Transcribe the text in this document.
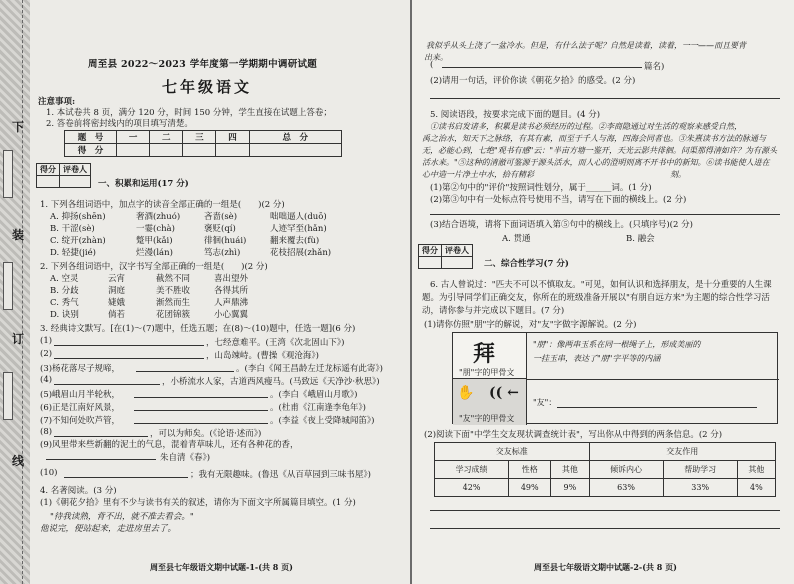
下
装
订
线
周至县 2022～2023 学年度第一学期期中调研试题
七年级语文
注意事项:
1. 本试卷共 8 页，满分 120 分，时间 150 分钟，学生直接在试题上答卷；
2. 答卷前将密封线内的项目填写清楚。
题　号	一	二	三	四	总　分
得　分					
得分	评卷人

一、积累和运用(17 分)
1. 下列各组词语中，加点字的读音全部正确的一组是(　　)(2 分)
A. 抑扬(shēn)	奢酒(zhuó)	吝啬(sè)	咄咄逼人(duō)
B. 干涩(sè)	一霎(chà)	褒贬(qí)	人迹罕至(hǎn)
C. 绽开(zhàn)	蹩甲(kǎi)	徘徊(huái)	翻来覆去(fù)
D. 轻捷(jié)	烂漫(lán)	笃志(zhì)	花枝招展(zhǎn)
2. 下列各组词语中，汉字书写全部正确的一组是(　　)(2 分)
A. 空灵	云宵	截然不同	喜出望外
B. 分歧	洞庭	美不胜收	各得其所
C. 秀气	婕娥	渐然而生	人声鼎沸
D. 诀别	倘若	花团锦簇	小心翼翼
3. 经典诗文默写。[在(1)～(7)题中，任选五题；在(8)～(10)题中，任选一题](6 分)
(1)	，七经意难平。(王湾《次北固山下》)
(2)	，山岛竦峙。(曹操《观沧海》)
(3)杨花落尽子规啼，	。(李白《闻王昌龄左迁龙标遥有此寄》)
(4)	，小桥流水人家，古道西风瘦马。(马致远《天净沙·秋思》)
(5)峨眉山月半轮秋，	。(李白《峨眉山月歌》)
(6)正是江南好风景，	。(杜甫《江南逢李龟年》)
(7)不知何处吹芦管，	。(李益《夜上受降城闻笛》)
(8)	，可以为师矣。(《论语·述而》)
(9)风里带来些新翻的泥土的气息，混着青草味儿，还有各种花的香，
朱自清《春》)
(10)	；我有无限趣味。(鲁迅《从百草园到三味书屋》)
4. 名著阅读。(3 分)
(1)《朝花夕拾》里有不少与读书有关的叙述，请你为下面文字所属篇目填空。(1 分)
"待我读熟，背不出，就不准去看会。"
他说完，便站起来，走进房里去了。
周至县七年级语文期中试题-1-(共 8 页)
我似乎从头上浇了一盆冷水。但是，有什么法子呢？自然是读着，读着，一一——而且要背
出来。
(	篇名)
(2)请用一句话，评价你读《朝花夕拾》的感受。(2 分)
5. 阅读语段，按要求完成下面的题目。(4 分)
①读书启发诸多，积累是读书必须经历的过程。②李商隐通过对生活的观察来感受自然，
禹之治水，知天下之脉络，有其有素，而至于千人与海，四海会同者也。③朱熹读书方法的脉通与
无，必能心到，七绝"观书有感"云："半亩方塘一鉴开，天光云影共徘徊。问渠那得清如许？为有源头
活水来。"⑤这种的清澈可鉴源于源头活水，而人心的澄明则离不开书中的新知。⑥读书能使人进在
心中造一片净土中水，拾有精彩　　　　　　　　　　　　　　　　　刻。
(1)第②句中的"评价"按照词性划分，属于______词。(1 分)
(2)第③句中有一处标点符号使用不当，请写在下面的横线上。(2 分)
(3)结合语境，请将下面词语填入第⑤句中的横线上。(只填序号)(2 分)
A. 贯通	B. 融会
得分	评卷人

二、综合性学习(7 分)
6. 古人曾说过："匹夫不可以不慎取友。"可见，如何认识和选择朋友，是十分重要的人生课
题。为引导同学们正确交友，你所在的班级准备开展以"有朋自远方来"为主题的综合性学习活
动，请你参与并完成以下题目。(7 分)
(1)请你仿照"朋"字的解说，对"友"字做字源解说。(2 分)
拜
"朋"字的甲骨文
✋ (( ←
"友"字的甲骨文
"朋"：像两串玉系在同一根绳子上，形成美丽的
一挂玉串，表达了"朋"字平等的内涵
"友"：
(2)阅读下面"中学生交友现状调查统计表"，写出你从中得到的两条信息。(2 分)
交友标准			交友作用		
学习成绩	性格	其他	倾诉内心	帮助学习	其他
42%	49%	9%	63%	33%	4%
周至县七年级语文期中试题-2-(共 8 页)
